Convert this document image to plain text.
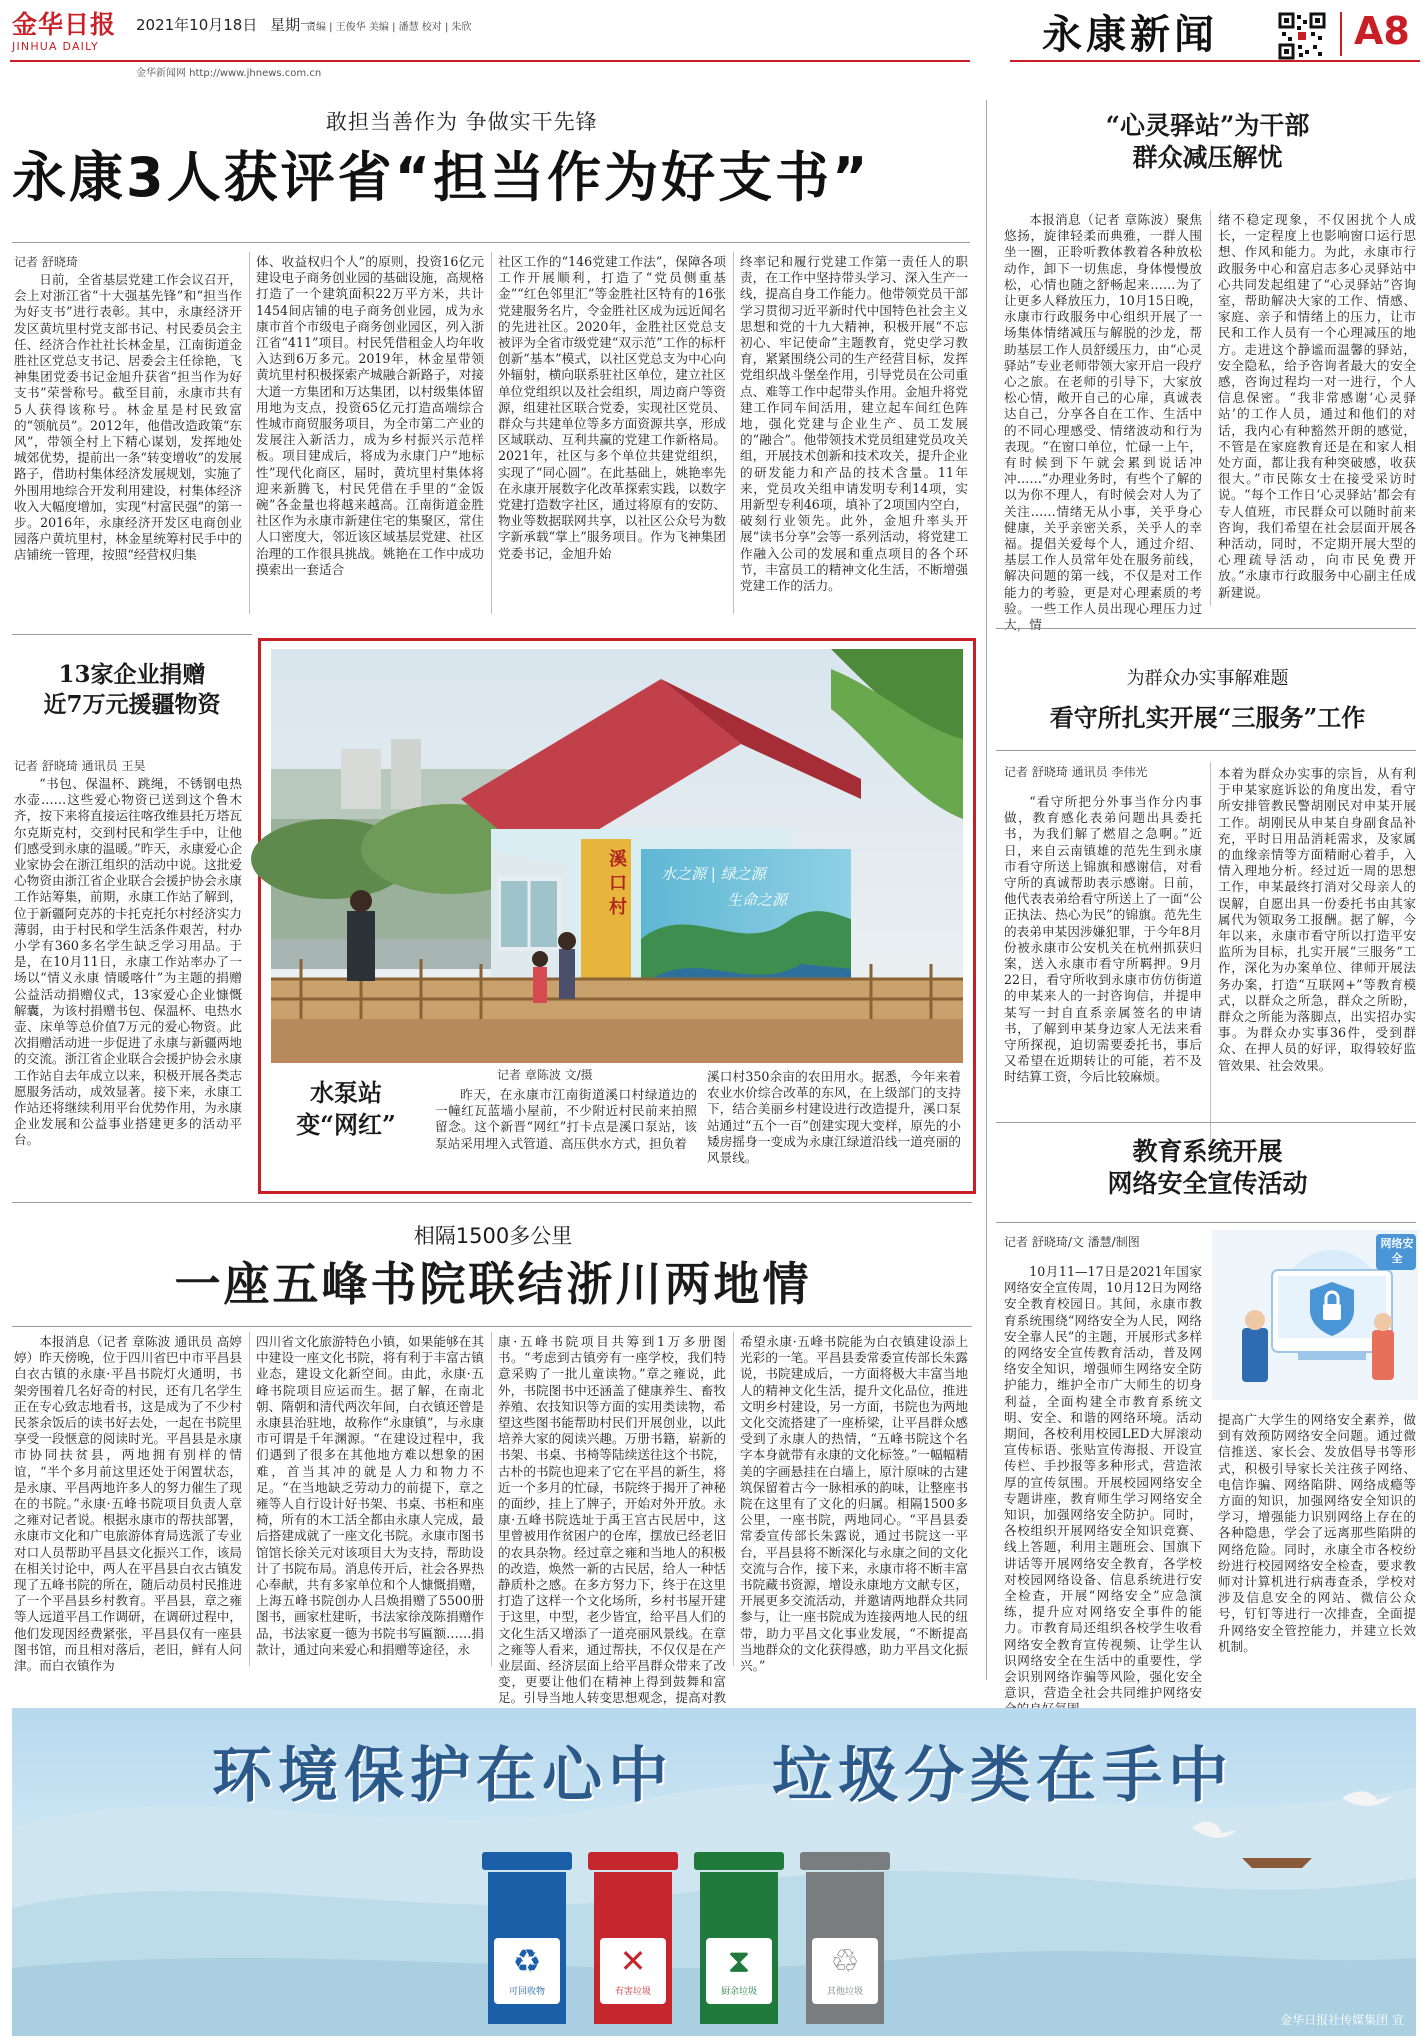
金华日报
JINHUA DAILY
2021年10月18日 星期一
责编 | 王俊华 美编 | 潘慧 校对 | 朱欣
金华新闻网 http://www.jhnews.com.cn
永康新闻	A8
敢担当善作为 争做实干先锋
永康3人获评省“担当作为好支书”
记者 舒晓琦
日前，全省基层党建工作会议召开，会上对浙江省“十大强基先锋”和“担当作为好支书”进行表彰。其中，永康经济开发区黄坑里村党支部书记、村民委员会主任、经济合作社社长林金星，江南街道金胜社区党总支书记、居委会主任徐艳，飞神集团党委书记金旭升获省“担当作为好支书”荣誉称号。截至目前，永康市共有5人获得该称号。林金星是村民致富的“领航员”。2012年，他借改造政策“东风”，带领全村上下精心谋划，发挥地处城郊优势，提前出一条“转变增收”的发展路子，借助村集体经济发展规划，实施了外围用地综合开发利用建设，村集体经济收入大幅度增加，实现“村富民强”的第一步。2016年，永康经济开发区电商创业园落户黄坑里村，林金星统筹村民手中的店铺统一管理，按照“经营权归集
体、收益权归个人”的原则，投资16亿元建设电子商务创业园的基础设施，高规格打造了一个建筑面积22万平方米，共计1454间店铺的电子商务创业园，成为永康市首个市级电子商务创业园区，列入浙江省“411”项目。村民凭借租金人均年收入达到6万多元。2019年，林金星带领黄坑里村积极探索产城融合新路子，对接大道一方集团和万达集团，以村级集体留用地为支点，投资65亿元打造高端综合性城市商贸服务项目，为全市第二产业的发展注入新活力，成为乡村振兴示范样板。项目建成后，将成为永康门户“地标性”现代化商区，届时，黄坑里村集体将迎来新腾飞，村民凭借在手里的“金饭碗”各金量也将越来越高。江南街道金胜社区作为永康市新建住宅的集聚区，常住人口密度大，邻近该区域基层党建、社区治理的工作很具挑战。姚艳在工作中成功摸索出一套适合
社区工作的“146党建工作法”，保障各项工作开展顺利，打造了“党员侧重基金”“红色邻里汇”等金胜社区特有的16张党建服务名片，令金胜社区成为远近闻名的先进社区。2020年，金胜社区党总支被评为全省市级党建“双示范”工作的标杆创新“基本”模式，以社区党总支为中心向外辐射，横向联系驻社区单位，建立社区单位党组织以及社会组织，周边商户等资源，组建社区联合党委，实现社区党员、群众与共建单位等多方面资源共享，形成区域联动、互利共赢的党建工作新格局。2021年，社区与多个单位共建党组织，实现了“同心圆”。在此基础上，姚艳率先在永康开展数字化改革探索实践，以数字党建打造数字社区，通过将原有的安防、物业等数据联网共享，以社区公众号为数字新承载“掌上”服务项目。作为飞神集团党委书记，金旭升始
终率记和履行党建工作第一责任人的职责，在工作中坚持带头学习、深入生产一线，提高自身工作能力。他带领党员干部学习贯彻习近平新时代中国特色社会主义思想和党的十九大精神，积极开展“不忘初心、牢记使命”主题教育，党史学习教育，紧紧围绕公司的生产经营目标，发挥党组织战斗堡垒作用，引导党员在公司重点、难等工作中起带头作用。金旭升将党建工作同车间活用，建立起车间红色阵地，强化党建与企业生产、员工发展的“融合”。他带领技术党员组建党员攻关组，开展技术创新和技术攻关，提升企业的研发能力和产品的技术含量。11年来，党员攻关组申请发明专利14项，实用新型专利46项，填补了2项国内空白，破刻行业领先。此外，金旭升率头开展“读书分享”会等一系列活动，将党建工作融入公司的发展和重点项目的各个环节，丰富员工的精神文化生活，不断增强党建工作的活力。
“心灵驿站”为干部
群众减压解忧
本报消息（记者 章陈波）聚焦悠扬，旋律轻柔而典雅，一群人围坐一圈，正聆听教体教着各种放松动作，卸下一切焦虑，身体慢慢放松，心情也随之舒畅起来……为了让更多人释放压力，10月15日晚，永康市行政服务中心组织开展了一场集体情绪减压与解脱的沙龙，帮助基层工作人员舒缓压力，由“心灵驿站”专业老师带领大家开启一段疗心之旅。在老师的引导下，大家放松心情，敞开自己的心扉，真诚表达自己，分享各自在工作、生活中的不同心理感受、情绪波动和行为表现。“在窗口单位，忙碌一上午，有时候到下午就会累到说话冲冲……”办理业务时，有些个了解的以为你不理人，有时候会对人为了关注……情绪无从小事，关乎身心健康，关乎亲密关系，关乎人的幸福。提倡关爱每个人，通过介绍、基层工作人员常年处在服务前线，解决问题的第一线，不仅是对工作能力的考验，更是对心理素质的考验。一些工作人员出现心理压力过大，情
绪不稳定现象，不仅困扰个人成长，一定程度上也影响窗口运行思想、作风和能力。为此，永康市行政服务中心和富启志多心灵驿站中心共同发起组建了“心灵驿站”咨询室，帮助解决大家的工作、情感、家庭、亲子和情绪上的压力，让市民和工作人员有一个心理减压的地方。走进这个静谧而温馨的驿站，安全隐私，给予咨询者最大的安全感，咨询过程均一对一进行，个人信息保密。“我非常感谢‘心灵驿站’的工作人员，通过和他们的对话，我内心有种豁然开朗的感觉，不管是在家庭教育还是在和家人相处方面，都让我有种突破感，收获很大。”市民陈女士在接受采访时说。“每个工作日‘心灵驿站’都会有专人值班，市民群众可以随时前来咨询，我们希望在社会层面开展各种活动，同时，不定期开展大型的心理疏导活动，向市民免费开放。”永康市行政服务中心副主任成新建说。
为群众办实事解难题
看守所扎实开展“三服务”工作
记者 舒晓琦 通讯员 李伟光
“看守所把分外事当作分内事做，教育感化表弟问题出具委托书，为我们解了燃眉之急啊。”近日，来自云南镇雄的范先生到永康市看守所送上锦旗和感谢信，对看守所的真诚帮助表示感谢。日前，他代表表弟给看守所送上了一面“公正执法、热心为民”的锦旗。范先生的表弟申某因涉嫌犯罪，于今年8月份被永康市公安机关在杭州抓获归案，送入永康市看守所羁押。9月22日，看守所收到永康市仿仿街道的申某来人的一封咨询信，并提申某写一封自直系亲属签名的申请书，了解到申某身边家人无法来看守所探视，迫切需要委托书，事后又希望在近期转让的可能，若不及时结算工资，今后比较麻烦。
本着为群众办实事的宗旨，从有利于申某家庭诉讼的角度出发，看守所安排管教民警胡刚民对申某开展工作。胡刚民从申某自身副食品补充，平时日用品消耗需求，及家属的血缘亲情等方面精耐心着手，入情入理地分析。经过近一周的思想工作，申某最终打消对父母亲人的误解，自愿出具一份委托书由其家属代为领取务工报酬。据了解，今年以来，永康市看守所以打造平安监所为目标，扎实开展“三服务”工作，深化为办案单位、律师开展法务办案，打造“互联网+”等教育模式，以群众之所急，群众之所盼，群众之所能为落脚点，出实招办实事。为群众办实事36件，受到群众、在押人员的好评，取得较好监管效果、社会效果。
13家企业捐赠
近7万元援疆物资
记者 舒晓琦 通讯员 王昊
“书包、保温杯、跳绳，不锈钢电热水壶……这些爱心物资已送到这个鲁木齐，按下来将直接运往喀孜维县托万塔瓦尔克斯克村，交到村民和学生手中，让他们感受到永康的温暖。”昨天，永康爱心企业家协会在浙江组织的活动中说。这批爱心物资由浙江省企业联合会援护协会永康工作站筹集，前期，永康工作站了解到，位于新疆阿克苏的卡托克托尔村经济实力薄弱，由于村民和学生活条件艰苦，村办小学有360多名学生缺乏学习用品。于是，在10月11日，永康工作站率办了一场以“情义永康 情暖喀什”为主题的捐赠公益活动捐赠仪式，13家爱心企业慷慨解囊，为该村捐赠书包、保温杯、电热水壶、床单等总价值7万元的爱心物资。此次捐赠活动进一步促进了永康与新疆两地的交流。浙江省企业联合会援护协会永康工作站自去年成立以来，积极开展各类志愿服务活动，成效显著。接下来，永康工作站还将继续利用平台优势作用，为永康企业发展和公益事业搭建更多的活动平台。
溪口村 水之源 | 绿之源
生命之源
水泵站
变“网红”
记者 章陈波 文/摄
昨天，在永康市江南街道溪口村绿道边的一幢红瓦蓝墙小屋前，不少附近村民前来拍照留念。这个新晋“网红”打卡点是溪口泵站，该泵站采用埋入式管道、高压供水方式，担负着
溪口村350余亩的农田用水。据悉，今年来着农业水价综合改革的东风，在上级部门的支持下，结合美丽乡村建设进行改造提升，溪口泵站通过“五个一百”创建实现大变样，原先的小矮房摇身一变成为永康江绿道沿线一道亮丽的风景线。
相隔1500多公里
一座五峰书院联结浙川两地情
本报消息（记者 章陈波 通讯员 高婷婷）昨天傍晚，位于四川省巴中市平昌县白衣古镇的永康·平昌书院灯火通明，书架旁围着几名好奇的村民，还有几名学生正在专心致志地看书，这是成为了不少村民茶余饭后的读书好去处，一起在书院里享受一段惬意的阅读时光。平昌县是永康市协同扶贫县，两地拥有别样的情谊，“半个多月前这里还处于闲置状态，是永康、平昌两地许多人的努力催生了现在的书院。”永康·五峰书院项目负责人章之雍对记者说。根据永康市的帮扶部署，永康市文化和广电旅游体育局选派了专业对口人员帮助平昌县文化振兴工作，该局在相关讨论中，两人在平昌县白衣古镇发现了五峰书院的所在，随后动员村民推进了一个平昌县乡村教育。平昌县，章之雍等人远道平昌工作调研，在调研过程中，他们发现因经费紧张，平昌县仅有一座县图书馆，而且相对落后，老旧，鲜有人问津。而白衣镇作为
四川省文化旅游特色小镇，如果能够在其中建设一座文化书院，将有利于丰富古镇业态，建设文化新空间。由此，永康·五峰书院项目应运而生。据了解，在南北朝、隋朝和清代两次年间，白衣镇还曾是永康县治驻地，故称作“永康镇”，与永康市可谓是千年渊源。“在建设过程中，我们遇到了很多在其他地方难以想象的困难，首当其冲的就是人力和物力不足。“在当地缺乏劳动力的前提下，章之雍等人自行设计好书架、书桌、书柜和座椅，所有的木工活全都由永康人完成，最后搭建成就了一座文化书院。永康市图书馆馆长徐关元对该项目大为支持，帮助设计了书院布局。消息传开后，社会各界热心奉献，共有多家单位和个人慷慨捐赠，上海五峰书院创办人吕焕捐赠了5500册图书，画家杜建昕，书法家徐茂陈捐赠作品，书法家夏一德为书院书写匾额……捐款计，通过向来爱心和捐赠等途径，永
康·五峰书院项目共筹到1万多册图书。“考虑到古镇旁有一座学校，我们特意采购了一批儿童读物。”章之雍说，此外，书院图书中还涵盖了健康养生、畜牧养殖、农技知识等方面的实用类读物，希望这些图书能帮助村民们开展创业，以此培养大家的阅读兴趣。万册书籍，崭新的书架、书桌、书椅等陆续送往这个书院，古朴的书院也迎来了它在平昌的新生，将近一个多月的忙碌，书院终于揭开了神秘的面纱，挂上了牌子，开始对外开放。永康·五峰书院选址于禹王宫古民居中，这里曾被用作贫困户的仓库，摆放已经老旧的农具杂物。经过章之雍和当地人的积极的改造，焕然一新的古民居，给人一种恬静质朴之感。在多方努力下，终于在这里打造了这样一个文化场所，乡村书屋开建于这里，中型，老少皆宜，给平昌人们的文化生活又增添了一道亮丽风景线。在章之雍等人看来，通过帮扶，不仅仅是在产业层面、经济层面上给平昌群众带来了改变，更要让他们在精神上得到鼓舞和富足。引导当地人转变思想观念，提高对教
希望永康·五峰书院能为白衣镇建设添上光彩的一笔。平昌县委常委宣传部长朱露说，书院建成后，一方面将极大丰富当地人的精神文化生活，提升文化品位，推进文明乡村建设，另一方面，书院也为两地文化交流搭建了一座桥梁，让平昌群众感受到了永康人的热情，“五峰书院这个名字本身就带有永康的文化标签。”一幅幅精美的字画悬挂在白墙上，原汁原味的古建筑保留着古今一脉相承的韵味，让整座书院在这里有了文化的归属。相隔1500多公里，一座书院，两地同心。“平昌县委常委宣传部长朱露说，通过书院这一平台，平昌县将不断深化与永康之间的文化交流与合作，接下来，永康市将不断丰富书院藏书资源，增设永康地方文献专区，开展更多交流活动，并邀请两地群众共同参与，让一座书院成为连接两地人民的纽带，助力平昌文化事业发展，“不断提高当地群众的文化获得感，助力平昌文化振兴。”
教育系统开展
网络安全宣传活动
记者 舒晓琦/文 潘慧/制图
10月11—17日是2021年国家网络安全宣传周，10月12日为网络安全教育校园日。其间，永康市教育系统围绕“网络安全为人民，网络安全靠人民”的主题，开展形式多样的网络安全宣传教育活动，普及网络安全知识，增强师生网络安全防护能力，维护全市广大师生的切身利益，全面构建全市教育系统文明、安全、和谐的网络环境。活动期间，各校利用校园LED大屏滚动宣传标语、张贴宣传海报、开设宣传栏、手抄报等多种形式，营造浓厚的宣传氛围。开展校园网络安全专题讲座，教育师生学习网络安全知识，加强网络安全防护。同时，各校组织开展网络安全知识竞赛、线上答题，利用主题班会、国旗下讲话等开展网络安全教育，各学校对校园网络设备、信息系统进行安全检查，开展“网络安全”应急演练，提升应对网络安全事件的能力。市教育局还组织各校学生收看网络安全教育宣传视频、让学生认识网络安全在生活中的重要性，学会识别网络诈骗等风险，强化安全意识，营造全社会共同维护网络安
网络安全
提高广大学生的网络安全素养，做到有效预防网络安全问题。通过微信推送、家长会、发放倡导书等形式，积极引导家长关注孩子网络、电信诈骗、网络陷阱、网络成瘾等方面的知识，加强网络安全知识的学习，增强能力识别网络上存在的各种隐患，学会了远离那些陷阱的网络危险。同时，永康全市各校纷纷进行校园网络安全检查，要求教师对计算机进行病毒查杀，学校对涉及信息安全的网站、微信公众号，钉钉等进行一次排查，全面提升网络安全管控能力，并建立长效机制。
环境保护在心中 垃圾分类在手中
♻
可回收物
✕
有害垃圾
⧗
厨余垃圾
♲
其他垃圾
金华日报社传媒集团 宣
